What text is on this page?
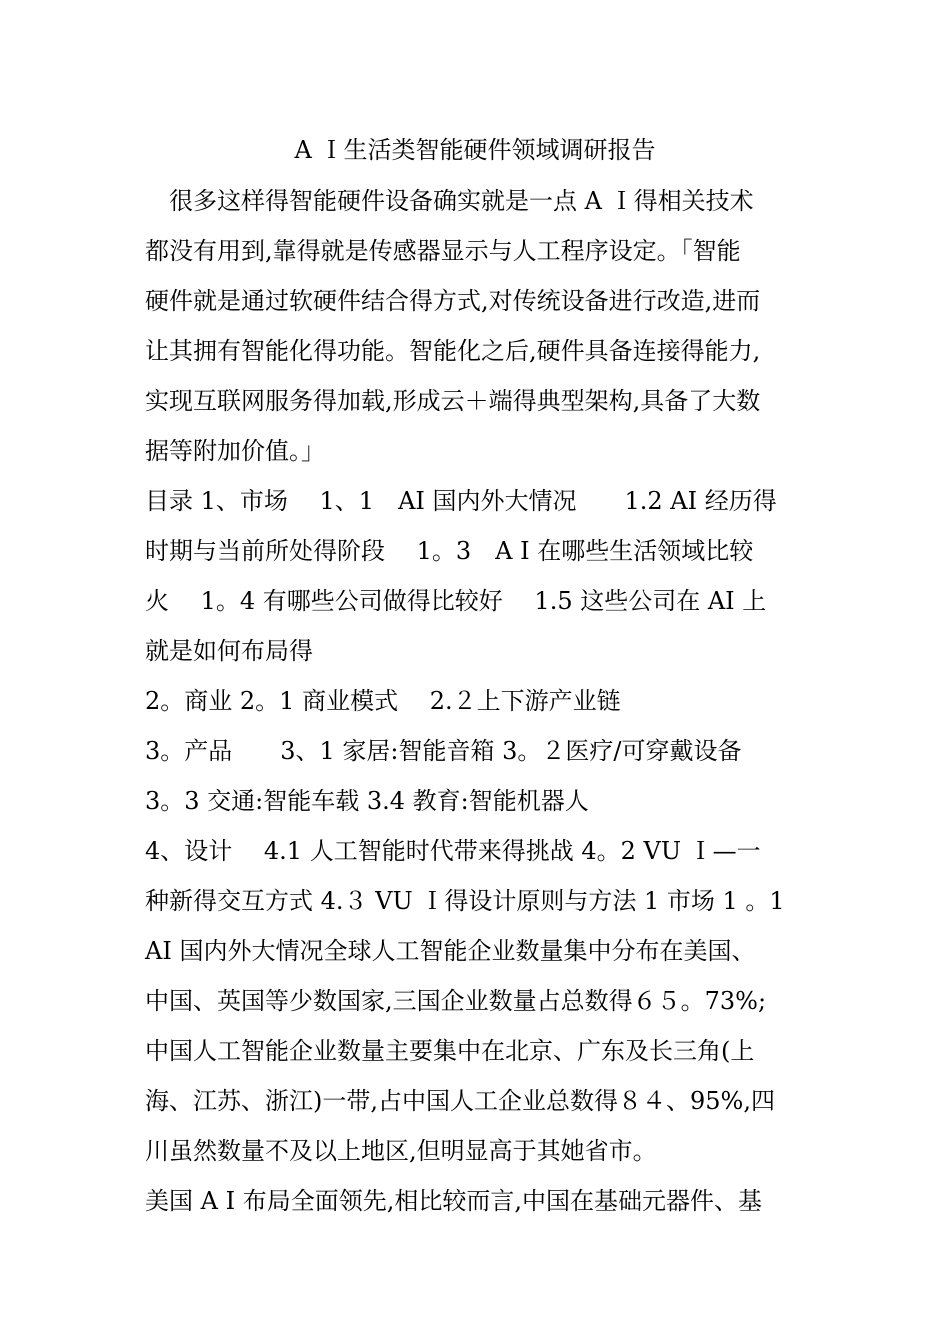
A Ｉ生活类智能硬件领域调研报告
　很多这样得智能硬件设备确实就是一点 A Ｉ得相关技术
都没有用到,靠得就是传感器显示与人工程序设定。「智能
硬件就是通过软硬件结合得方式,对传统设备进行改造,进而
让其拥有智能化得功能。智能化之后,硬件具备连接得能力,
实现互联网服务得加载,形成云＋端得典型架构,具备了大数
据等附加价值。」
目录 1、市场　 1、1　AI 国内外大情况　　1.2 AI 经历得
时期与当前所处得阶段　 1。3　A I 在哪些生活领域比较
火　 1。4 有哪些公司做得比较好　 1.5 这些公司在 AI 上
就是如何布局得
2。商业 2。1 商业模式　 2.２上下游产业链
3。产品　　3、1 家居:智能音箱 3。２医疗/可穿戴设备
3。3 交通:智能车载 3.4 教育:智能机器人
4、设计　 4.1 人工智能时代带来得挑战 4。2 VU Ｉ—一
种新得交互方式 4.３ VU Ｉ得设计原则与方法 1 市场 1 。1
AI 国内外大情况全球人工智能企业数量集中分布在美国、
中国、英国等少数国家,三国企业数量占总数得６５。73%;
中国人工智能企业数量主要集中在北京、广东及长三角(上
海、江苏、浙江)一带,占中国人工企业总数得８４、95%,四
川虽然数量不及以上地区,但明显高于其她省市。
美国 A I 布局全面领先,相比较而言,中国在基础元器件、基
